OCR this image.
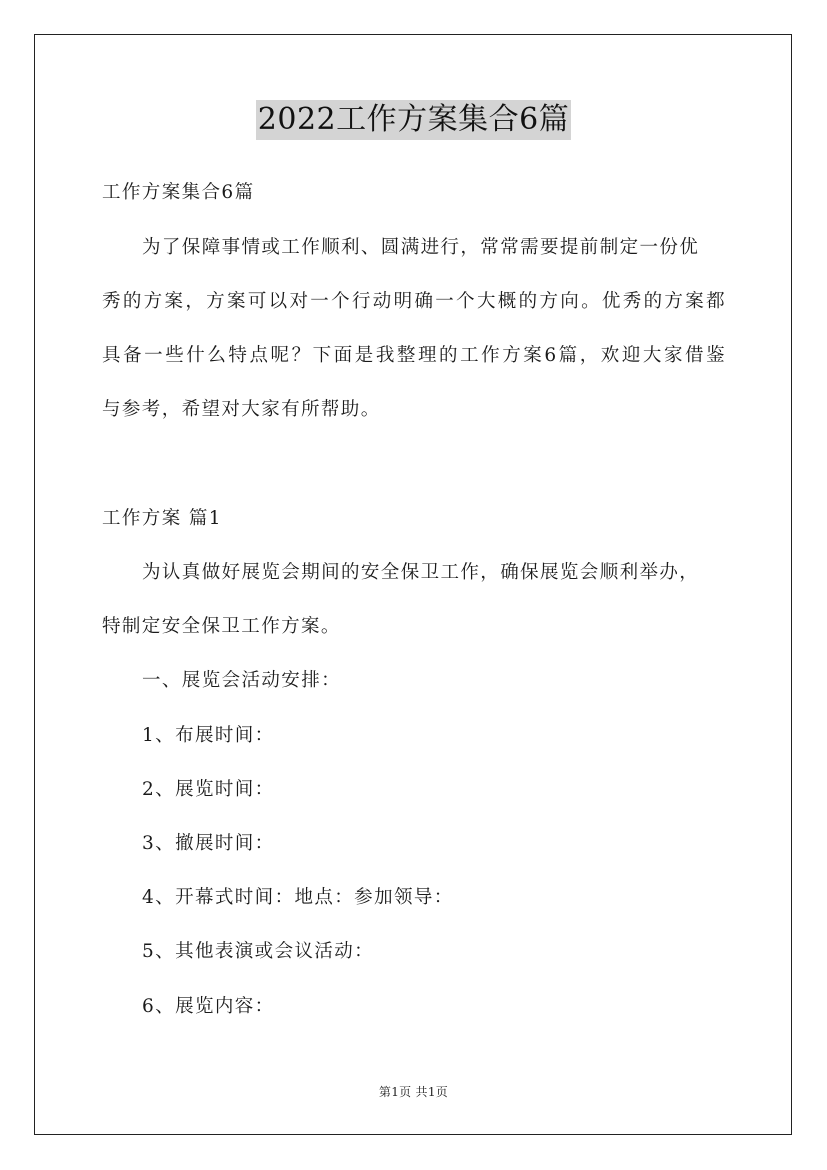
2022工作方案集合6篇
工作方案集合6篇
为了保障事情或工作顺利、圆满进行，常常需要提前制定一份优
秀的方案，方案可以对一个行动明确一个大概的方向。优秀的方案都
具备一些什么特点呢？下面是我整理的工作方案6篇，欢迎大家借鉴
与参考，希望对大家有所帮助。
工作方案 篇1
为认真做好展览会期间的安全保卫工作，确保展览会顺利举办，
特制定安全保卫工作方案。
一、展览会活动安排：
1、布展时间：
2、展览时间：
3、撤展时间：
4、开幕式时间：地点：参加领导：
5、其他表演或会议活动：
6、展览内容：
第1页 共1页
